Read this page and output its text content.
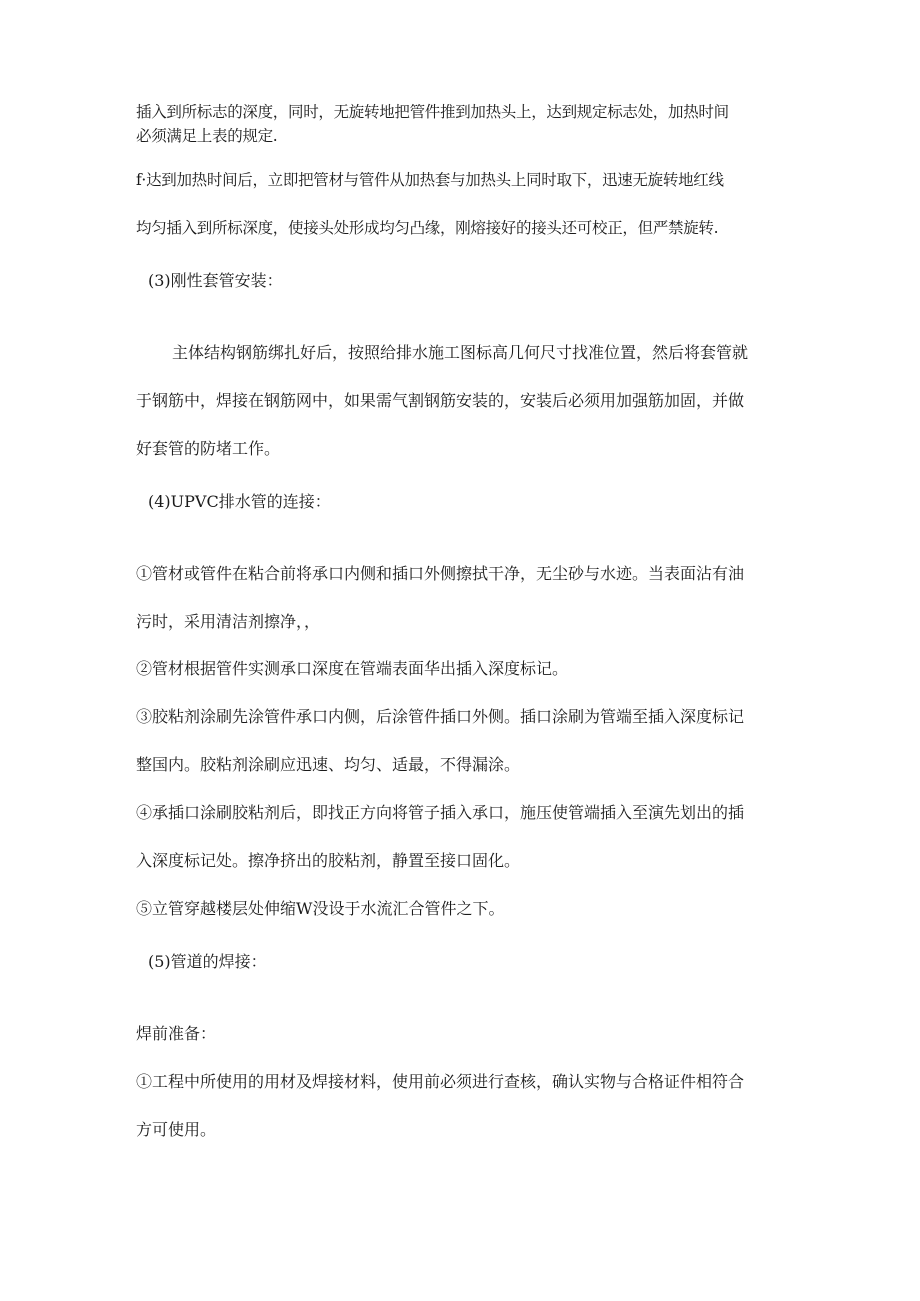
插入到所标志的深度，同时，无旋转地把管件推到加热头上，达到规定标志处，加热时间
必须满足上表的规定.
f·达到加热时间后，立即把管材与管件从加热套与加热头上同时取下，迅速无旋转地红线
均匀插入到所标深度，使接头处形成均匀凸缘，刚熔接好的接头还可校正，但严禁旋转.
(3)刚性套管安装：
主体结构钢筋绑扎好后，按照给排水施工图标高几何尺寸找准位置，然后将套管就
于钢筋中，焊接在钢筋网中，如果需气割钢筋安装的，安装后必须用加强筋加固，并做
好套管的防堵工作。
(4)UPVC排水管的连接：
①管材或管件在粘合前将承口内侧和插口外侧擦拭干净，无尘砂与水迹。当表面沾有油
污时，采用清洁剂擦净，，
②管材根据管件实测承口深度在管端表面华出插入深度标记。
③胶粘剂涂刷先涂管件承口内侧，后涂管件插口外侧。插口涂刷为管端至插入深度标记
整国内。胶粘剂涂刷应迅速、均匀、适最，不得漏涂。
④承插口涂刷胶粘剂后，即找正方向将管子插入承口，施压使管端插入至演先划出的插
入深度标记处。擦净挤出的胶粘剂，静置至接口固化。
⑤立管穿越楼层处伸缩W没设于水流汇合管件之下。
(5)管道的焊接：
焊前准备：
①工程中所使用的用材及焊接材料，使用前必须进行查核，确认实物与合格证件相符合
方可使用。
